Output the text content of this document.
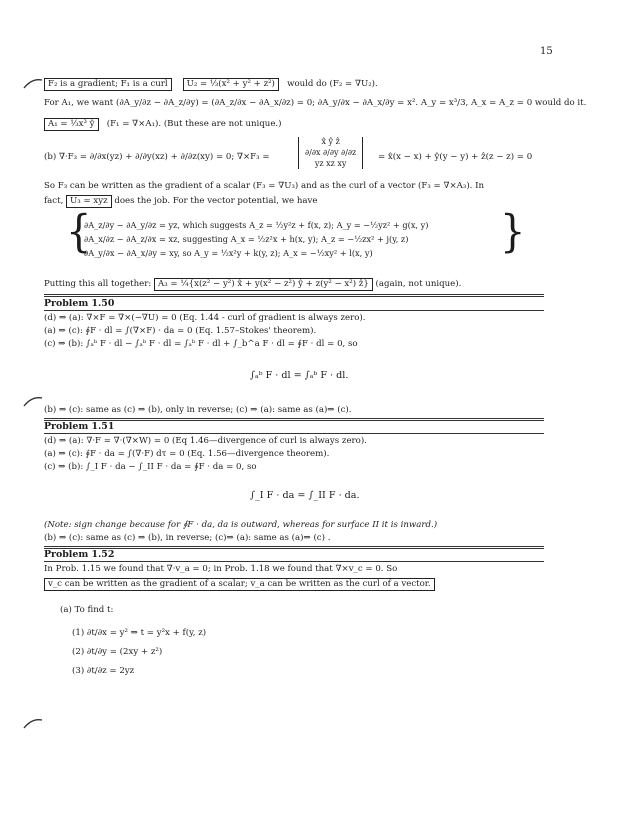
15
F₂ is a gradient; F₁ is a curl U₂ = ⅓(x² + y² + z²) would do (F₂ = ∇U₂).
For A₁, we want (∂A_y/∂z − ∂A_z/∂y) = (∂A_z/∂x − ∂A_x/∂z) = 0; ∂A_y/∂x − ∂A_x/∂y = x². A_y = x³/3, A_x = A_z = 0 would do it.
A₁ = ⅓x³ ŷ (F₁ = ∇×A₁). (But these are not unique.)
(b) ∇·F₃ = ∂/∂x(yz) + ∂/∂y(xz) + ∂/∂z(xy) = 0; ∇×F₃ =
x̂ ŷ ẑ
∂/∂x ∂/∂y ∂/∂z
yz xz xy
= x̂(x − x) + ŷ(y − y) + ẑ(z − z) = 0
So F₃ can be written as the gradient of a scalar (F₃ = ∇U₃) and as the curl of a vector (F₃ = ∇×A₃). In
fact, U₃ = xyz does the job. For the vector potential, we have
{
∂A_z/∂y − ∂A_y/∂z = yz, which suggests A_z = ½y²z + f(x, z); A_y = −½yz² + g(x, y)
∂A_x/∂z − ∂A_z/∂x = xz, suggesting A_x = ½z²x + h(x, y); A_z = −½zx² + j(y, z)
∂A_y/∂x − ∂A_x/∂y = xy, so A_y = ½x²y + k(y, z); A_x = −½xy² + l(x, y)	}
Putting this all together: A₃ = ¼{x(z² − y²) x̂ + y(x² − z²) ŷ + z(y² − x²) ẑ} (again, not unique).
Problem 1.50
(d) ⇒ (a): ∇×F = ∇×(−∇U) = 0 (Eq. 1.44 - curl of gradient is always zero).
(a) ⇒ (c): ∮F · dl = ∫(∇×F) · da = 0 (Eq. 1.57–Stokes' theorem).
(c) ⇒ (b): ∫ₐᵇ F · dl − ∫ₐᵇ F · dl = ∫ₐᵇ F · dl + ∫_b^a F · dl = ∮F · dl = 0, so
∫ₐᵇ F · dl = ∫ₐᵇ F · dl.
(b) ⇒ (c): same as (c) ⇒ (b), only in reverse; (c) ⇒ (a): same as (a)⇒ (c).
Problem 1.51
(d) ⇒ (a): ∇·F = ∇·(∇×W) = 0 (Eq 1.46—divergence of curl is always zero).
(a) ⇒ (c): ∮F · da = ∫(∇·F) dτ = 0 (Eq. 1.56—divergence theorem).
(c) ⇒ (b): ∫_I F · da − ∫_II F · da = ∮F · da = 0, so
∫_I F · da = ∫_II F · da.
(Note: sign change because for ∮F · da, da is outward, whereas for surface II it is inward.)
(b) ⇒ (c): same as (c) ⇒ (b), in reverse; (c)⇒ (a): same as (a)⇒ (c) .
Problem 1.52
In Prob. 1.15 we found that ∇·v_a = 0; in Prob. 1.18 we found that ∇×v_c = 0. So
v_c can be written as the gradient of a scalar; v_a can be written as the curl of a vector.
(a) To find t:
(1) ∂t/∂x = y² ⇒ t = y²x + f(y, z)
(2) ∂t/∂y = (2xy + z²)
(3) ∂t/∂z = 2yz
